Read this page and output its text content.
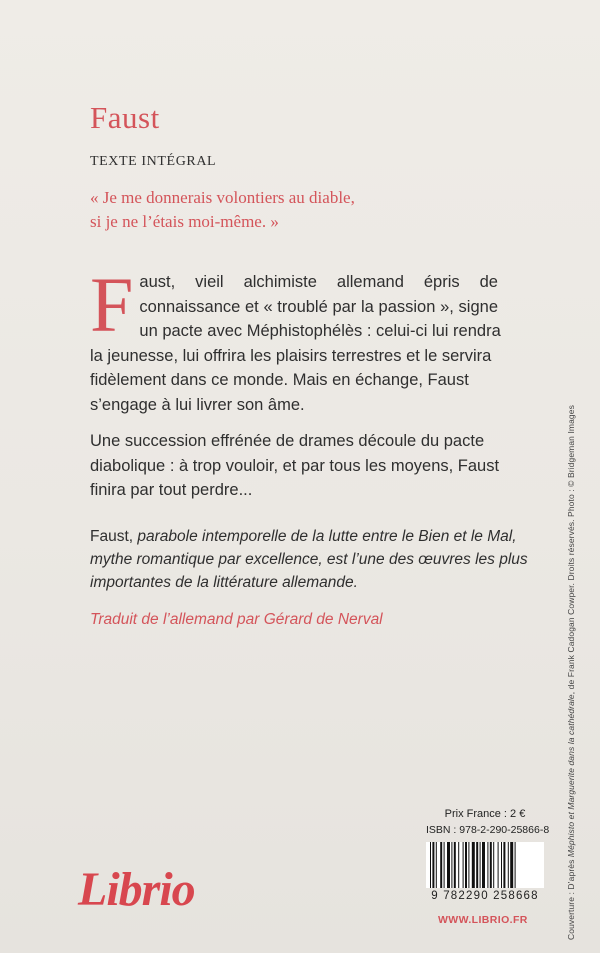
Faust
TEXTE INTÉGRAL
« Je me donnerais volontiers au diable,
si je ne l’étais moi-même. »
F aust, vieil alchimiste allemand épris de
connaissance et « troublé par la passion », signe
un pacte avec Méphistophélès : celui-ci lui rendra
la jeunesse, lui offrira les plaisirs terrestres et le servira
fidèlement dans ce monde. Mais en échange, Faust
s’engage à lui livrer son âme.
Une succession effrénée de drames découle du pacte
diabolique : à trop vouloir, et par tous les moyens, Faust
finira par tout perdre...
Faust, parabole intemporelle de la lutte entre le Bien et le Mal,
mythe romantique par excellence, est l’une des œuvres les plus
importantes de la littérature allemande.
Traduit de l’allemand par Gérard de Nerval
Couverture : D’après Méphisto et Marguerite dans la cathédrale, de Frank Cadogan Cowper. Droits réservés. Photo : © Bridgeman Images
Librio
Prix France : 2 €
ISBN : 978-2-290-25866-8
9 782290 258668
WWW.LIBRIO.FR
